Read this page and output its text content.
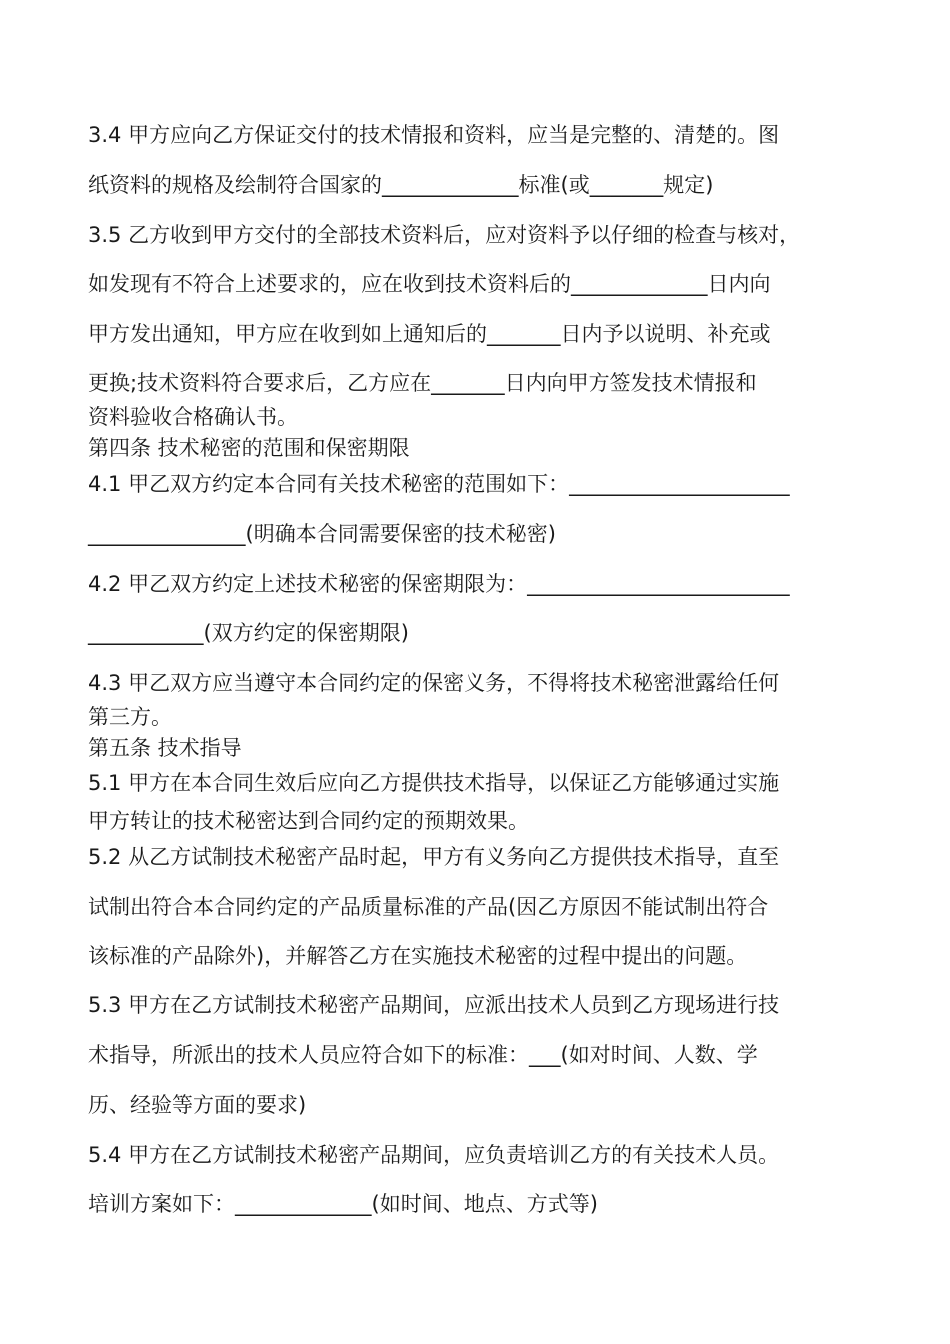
3.4 甲方应向乙方保证交付的技术情报和资料，应当是完整的、清楚的。图
纸资料的规格及绘制符合国家的_____________标准(或_______规定)
3.5 乙方收到甲方交付的全部技术资料后，应对资料予以仔细的检查与核对，
如发现有不符合上述要求的，应在收到技术资料后的_____________日内向
甲方发出通知，甲方应在收到如上通知后的_______日内予以说明、补充或
更换;技术资料符合要求后，乙方应在_______日内向甲方签发技术情报和
资料验收合格确认书。
第四条 技术秘密的范围和保密期限
4.1 甲乙双方约定本合同有关技术秘密的范围如下：_____________________
_______________(明确本合同需要保密的技术秘密)
4.2 甲乙双方约定上述技术秘密的保密期限为：_________________________
___________(双方约定的保密期限)
4.3 甲乙双方应当遵守本合同约定的保密义务，不得将技术秘密泄露给任何
第三方。
第五条 技术指导
5.1 甲方在本合同生效后应向乙方提供技术指导，以保证乙方能够通过实施
甲方转让的技术秘密达到合同约定的预期效果。
5.2 从乙方试制技术秘密产品时起，甲方有义务向乙方提供技术指导，直至
试制出符合本合同约定的产品质量标准的产品(因乙方原因不能试制出符合
该标准的产品除外)，并解答乙方在实施技术秘密的过程中提出的问题。
5.3 甲方在乙方试制技术秘密产品期间，应派出技术人员到乙方现场进行技
术指导，所派出的技术人员应符合如下的标准：___(如对时间、人数、学
历、经验等方面的要求)
5.4 甲方在乙方试制技术秘密产品期间，应负责培训乙方的有关技术人员。
培训方案如下：_____________(如时间、地点、方式等)
